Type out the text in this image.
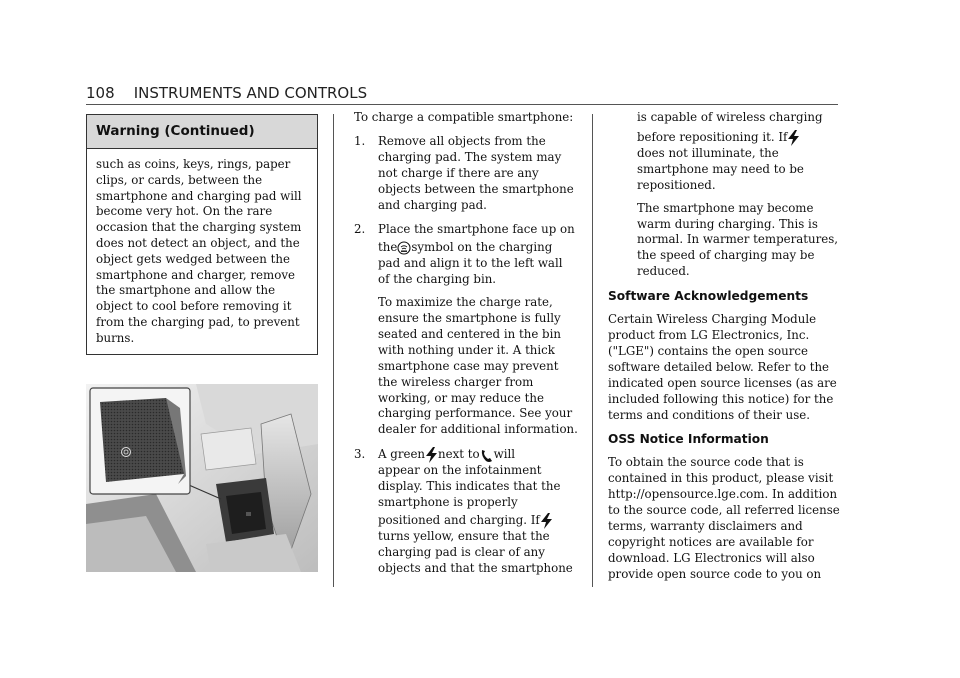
108 INSTRUMENTS AND CONTROLS
Warning (Continued)
such as coins, keys, rings, paper
clips, or cards, between the
smartphone and charging pad will
become very hot. On the rare
occasion that the charging system
does not detect an object, and the
object gets wedged between the
smartphone and charger, remove
the smartphone and allow the
object to cool before removing it
from the charging pad, to prevent
burns.

To charge a compatible smartphone:

1. Remove all objects from the
charging pad. The system may
not charge if there are any
objects between the smartphone
and charging pad.
2. Place the smartphone face up on
the symbol on the charging
pad and align it to the left wall
of the charging bin.
To maximize the charge rate,
ensure the smartphone is fully
seated and centered in the bin
with nothing under it. A thick
smartphone case may prevent
the wireless charger from
working, or may reduce the
charging performance. See your
dealer for additional information.
3. A green next to will
appear on the infotainment
display. This indicates that the
smartphone is properly
positioned and charging. If
turns yellow, ensure that the
charging pad is clear of any
objects and that the smartphone
is capable of wireless charging
before repositioning it. If
does not illuminate, the
smartphone may need to be
repositioned.
The smartphone may become
warm during charging. This is
normal. In warmer temperatures,
the speed of charging may be
reduced.
Software Acknowledgements
Certain Wireless Charging Module
product from LG Electronics, Inc.
("LGE") contains the open source
software detailed below. Refer to the
indicated open source licenses (as are
included following this notice) for the
terms and conditions of their use.
OSS Notice Information
To obtain the source code that is
contained in this product, please visit
http://opensource.lge.com. In addition
to the source code, all referred license
terms, warranty disclaimers and
copyright notices are available for
download. LG Electronics will also
provide open source code to you on
